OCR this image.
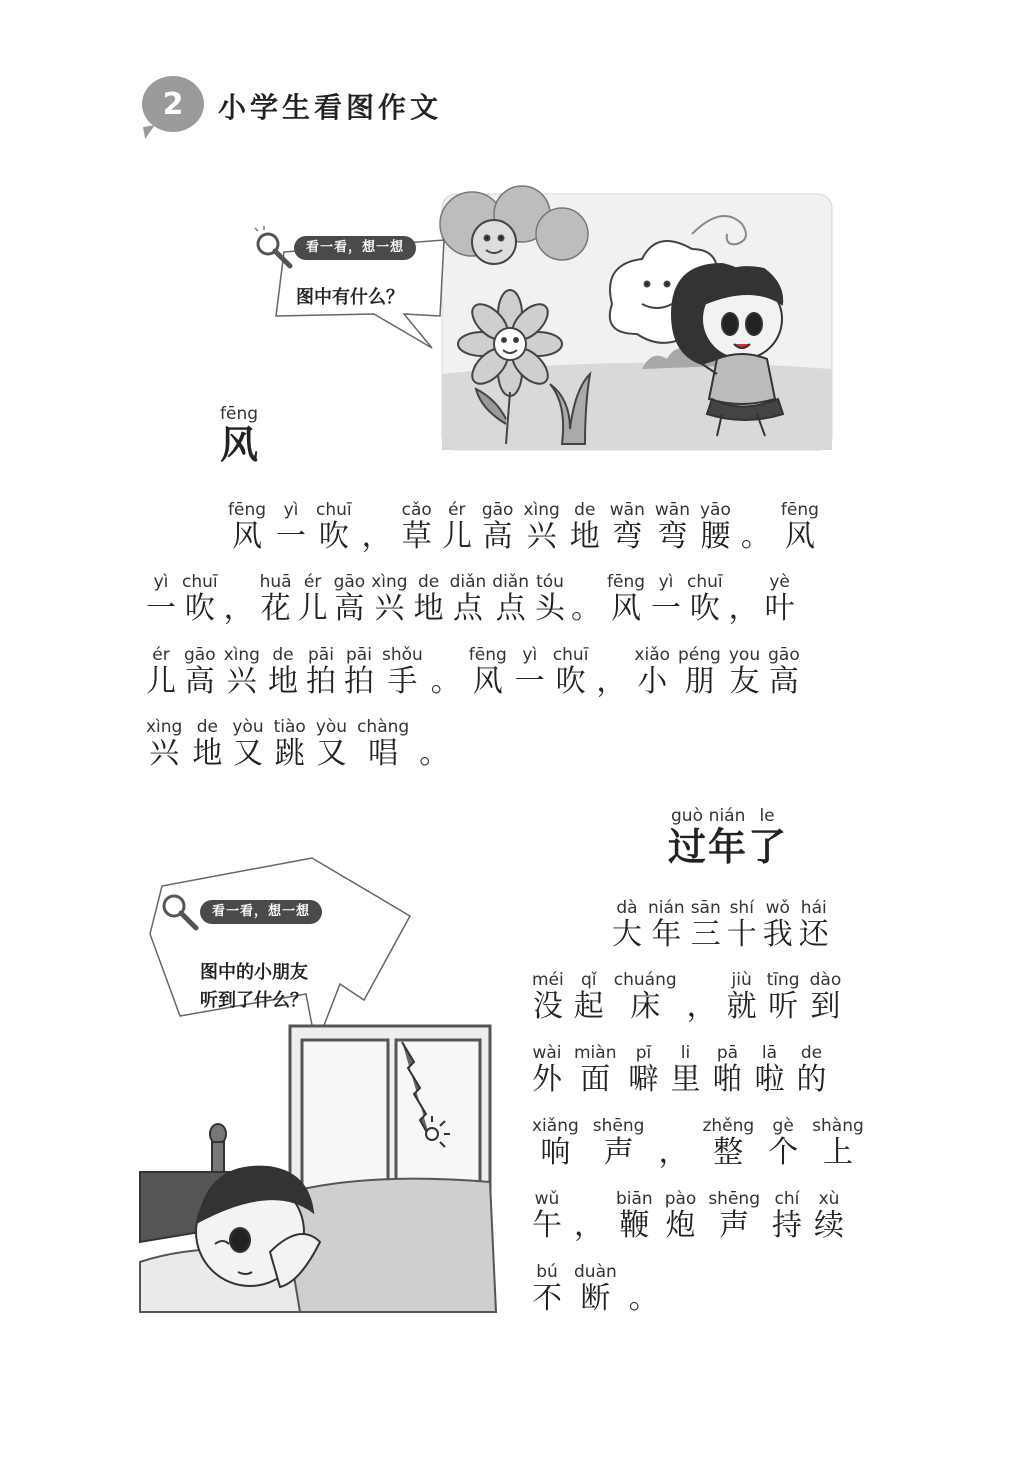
2	小学生看图作文
看一看，想一想
图中有什么？
fēng
风
fēng
风
yì
一
chuī
吹 ，
cǎo
草
ér
儿
gāo
高
xìng
兴
de
地
wān
弯
wān
弯
yāo
腰 。
fēng
风
yì
一
chuī
吹 ，
huā
花
ér
儿
gāo
高
xìng
兴
de
地
diǎn
点
diǎn
点
tóu
头 。
fēng
风
yì
一
chuī
吹 ，
yè
叶
ér
儿
gāo
高
xìng
兴
de
地
pāi
拍
pāi
拍
shǒu
手 。
fēng
风
yì
一
chuī
吹 ，
xiǎo
小
péng
朋
you
友
gāo
高
xìng
兴
de
地
yòu
又
tiào
跳
yòu
又
chàng
唱 。
guò
过
nián
年
le
了
看一看，想一想
图中的小朋友
听到了什么？
dà
大
nián
年
sān
三
shí
十
wǒ
我
hái
还
méi
没
qǐ
起
chuáng
床 ，
jiù
就
tīng
听
dào
到
wài
外
miàn
面
pī
噼
li
里
pā
啪
lā
啦
de
的
xiǎng
响
shēng
声 ，
zhěng
整
gè
个
shàng
上
wǔ
午 ，
biān
鞭
pào
炮
shēng
声
chí
持
xù
续
bú
不
duàn
断 。
